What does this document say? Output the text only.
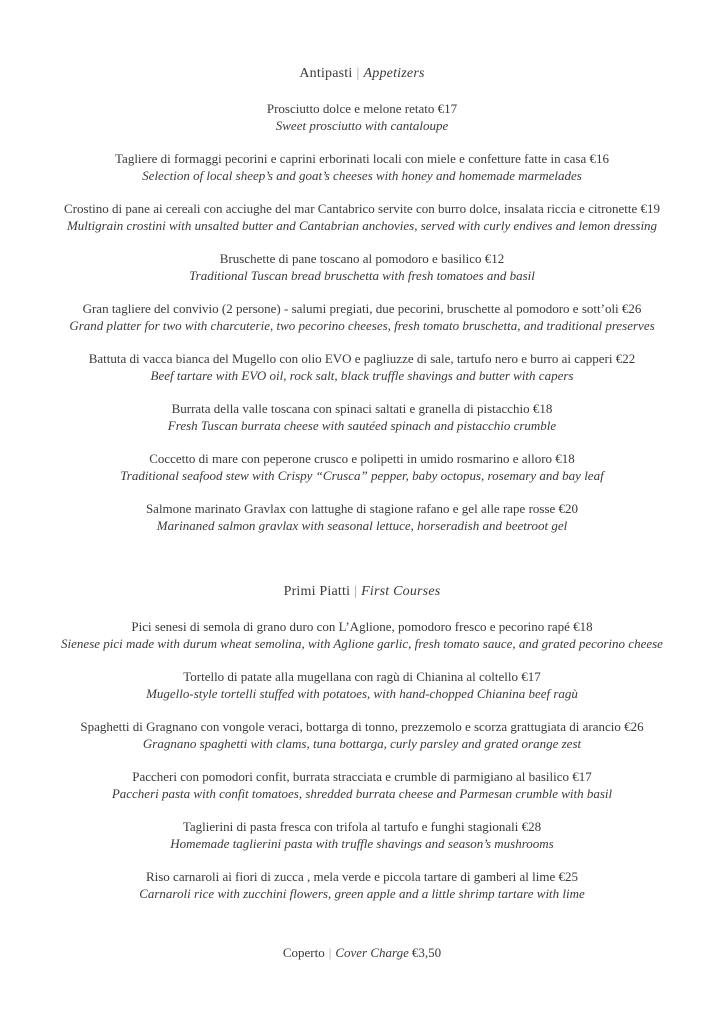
Antipasti | Appetizers

Prosciutto dolce e melone retato €17

Sweet prosciutto with cantaloupe

Tagliere di formaggi pecorini e caprini erborinati locali con miele e confetture fatte in casa €16

Selection of local sheep’s and goat’s cheeses with honey and homemade marmelades

Crostino di pane ai cereali con acciughe del mar Cantabrico servite con burro dolce, insalata riccia e citronette €19

Multigrain crostini with unsalted butter and Cantabrian anchovies, served with curly endives and lemon dressing

Bruschette di pane toscano al pomodoro e basilico €12

Traditional Tuscan bread bruschetta with fresh tomatoes and basil

Gran tagliere del convivio (2 persone) - salumi pregiati, due pecorini, bruschette al pomodoro e sott’oli €26

Grand platter for two with charcuterie, two pecorino cheeses, fresh tomato bruschetta, and traditional preserves

Battuta di vacca bianca del Mugello con olio EVO e pagliuzze di sale, tartufo nero e burro ai capperi €22

Beef tartare with EVO oil, rock salt, black truffle shavings and butter with capers

Burrata della valle toscana con spinaci saltati e granella di pistacchio €18

Fresh Tuscan burrata cheese with sautéed spinach and pistacchio crumble

Coccetto di mare con peperone crusco e polipetti in umido rosmarino e alloro €18

Traditional seafood stew with Crispy “Crusca” pepper, baby octopus, rosemary and bay leaf

Salmone marinato Gravlax con lattughe di stagione rafano e gel alle rape rosse €20

Marinaned salmon gravlax with seasonal lettuce, horseradish and beetroot gel

Primi Piatti | First Courses

Pici senesi di semola di grano duro con L’Aglione, pomodoro fresco e pecorino rapé €18

Sienese pici made with durum wheat semolina, with Aglione garlic, fresh tomato sauce, and grated pecorino cheese

Tortello di patate alla mugellana con ragù di Chianina al coltello €17

Mugello-style tortelli stuffed with potatoes, with hand-chopped Chianina beef ragù

Spaghetti di Gragnano con vongole veraci, bottarga di tonno, prezzemolo e scorza grattugiata di arancio €26

Gragnano spaghetti with clams, tuna bottarga, curly parsley and grated orange zest

Paccheri con pomodori confit, burrata stracciata e crumble di parmigiano al basilico €17

Paccheri pasta with confit tomatoes, shredded burrata cheese and Parmesan crumble with basil

Taglierini di pasta fresca con trifola al tartufo e funghi stagionali €28

Homemade taglierini pasta with truffle shavings and season’s mushrooms

Riso carnaroli ai fiori di zucca , mela verde e piccola tartare di gamberi al lime €25

Carnaroli rice with zucchini flowers, green apple and a little shrimp tartare with lime

Coperto | Cover Charge €3,50
